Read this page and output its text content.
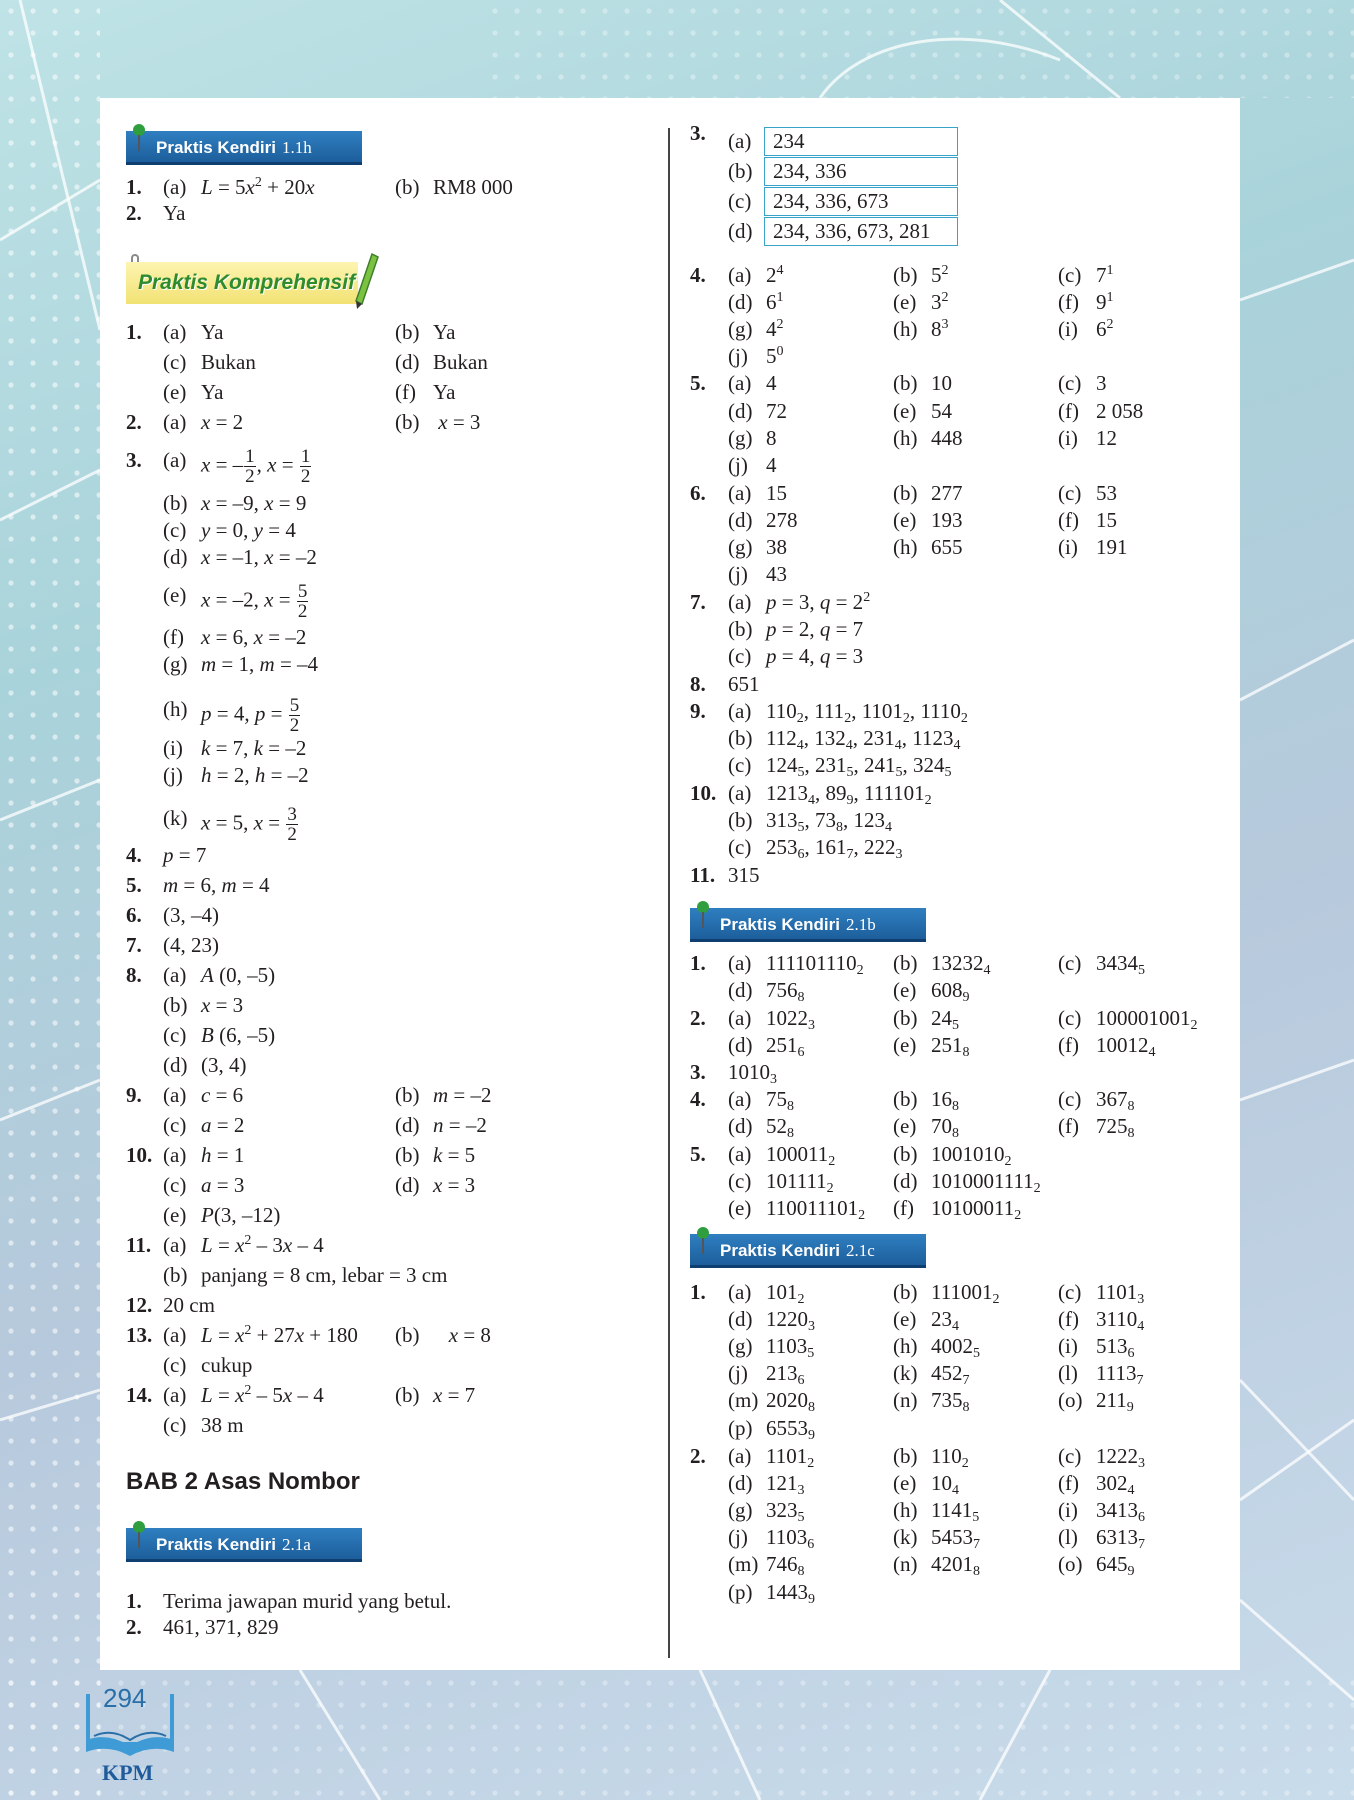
Praktis Kendiri 1.1h
1. (a) $L = 5x^2 + 20x$	(b) RM8 000
2. Ya
Praktis Komprehensif
1. (a) Ya	(b) Ya
(c) Bukan	(d) Bukan
(e) Ya	(f) Ya
2. (a) x = 2	(b) x = 3
3. (a) x = – $\frac{1}{2}$ , $x = \frac{1}{2}$
(b) x = –9, x = 9
(c) y = 0, y = 4
(d) x = –1, x = –2
(e) x = –2, $x = \frac{5}{2}$
(f) x = 6, x = –2
(g) m = 1, m = –4
(h) p = 4, $p = \frac{5}{2}$
(i) k = 7, k = –2
(j) h = 2, h = –2
(k) x = 5, $x = \frac{3}{2}$
4. p = 7
5. m = 6, m = 4
6. (3, –4)
7. (4, 23)
8. (a) A (0, –5)
(b) x = 3
(c) B (6, –5)
(d) (3, 4)
9. (a) c = 6	(b) m = –2
(c) a = 2	(d) n = –2
10. (a) h = 1	(b) k = 5
(c) a = 3	(d) x = 3
(e) P(3, –12)
11. (a) $L = x^2 - 3x - 4$
(b) panjang = 8 cm, lebar = 3 cm
12. 20 cm
13. (a) $L = x^2 + 27x + 180$ (b)	x = 8
(c) cukup
14. (a) $L = x^2 - 5x - 4$	(b) x = 7
(c) 38 m
BAB 2 Asas Nombor
Praktis Kendiri 2.1a
1. Terima jawapan murid yang betul.
2. 461, 371, 829
3. (a)	234
(b) 234, 336
(c)	234, 336, 673
(d) 234, 336, 673, 281
4. (a) $2^4$	(b) $5^2$	(c) $7^1$
(d) $6^1$	(e) $3^2$	(f) $9^1$
(g) $4^2$	(h) $8^3$	(i) $6^2$
(j) $5^0$
5. (a) 4	(b) 10	(c) 3
(d) 72	(e) 54	(f) 2 058
(g) 8	(h) 448	(i) 12
(j) 4
6. (a) 15	(b) 277	(c) 53
(d) 278	(e) 193	(f) 15
(g) 38	(h) 655	(i) 191
(j) 43
7. (a) p = 3, $q = 2^2$
(b) p = 2, q = 7
(c) p = 4, q = 3
8. 651
9. (a) $110_2$, $111_2$, $1101_2$, $1110_2$
(b) $112_4$, $132_4$, $231_4$, $1123_4$
(c) $124_5$, $231_5$, $241_5$, $324_5$
10. (a) $1213_4$, $89_9$, $111101_2$
(b) $313_5$, $73_8$, $123_4$
(c) $253_6$, $161_7$, $222_3$
11. 315
Praktis Kendiri 2.1b
1. (a) $111101110_2$ (b) $13232_4$	(c) $3434_5$
(d) $756_8$	(e) $608_9$
2. (a) $1022_3$	(b) $24_5$	(c) $100001001_2$
(d) $251_6$	(e) $251_8$	(f) $10012_4$
3. $1010_3$
4. (a) $75_8$	(b) $16_8$	(c) $367_8$
(d) $52_8$	(e) $70_8$	(f) $725_8$
5. (a) $100011_2$	(b) $1001010_2$
(c) $101111_2$	(d) $1010001111_2$
(e) $110011101_2$ (f) $10100011_2$
Praktis Kendiri 2.1c
1. (a) $101_2$	(b) $111001_2$	(c) $1101_3$
(d) $1220_3$	(e) $23_4$	(f) $3110_4$
(g) $1103_5$	(h) $4002_5$	(i) $513_6$
(j) $213_6$	(k) $452_7$	(l) $1113_7$
(m) $2020_8$	(n) $735_8$	(o) $211_9$
(p) $6553_9$
2. (a) $1101_2$	(b) $110_2$	(c) $1222_3$
(d) $121_3$	(e) $10_4$	(f) $302_4$
(g) $323_5$	(h) $1141_5$	(i) $3413_6$
(j) $1103_6$	(k) $5453_7$	(l) $6313_7$
(m) $746_8$	(n) $4201_8$	(o) $645_9$
(p) $1443_9$
294
KPM
